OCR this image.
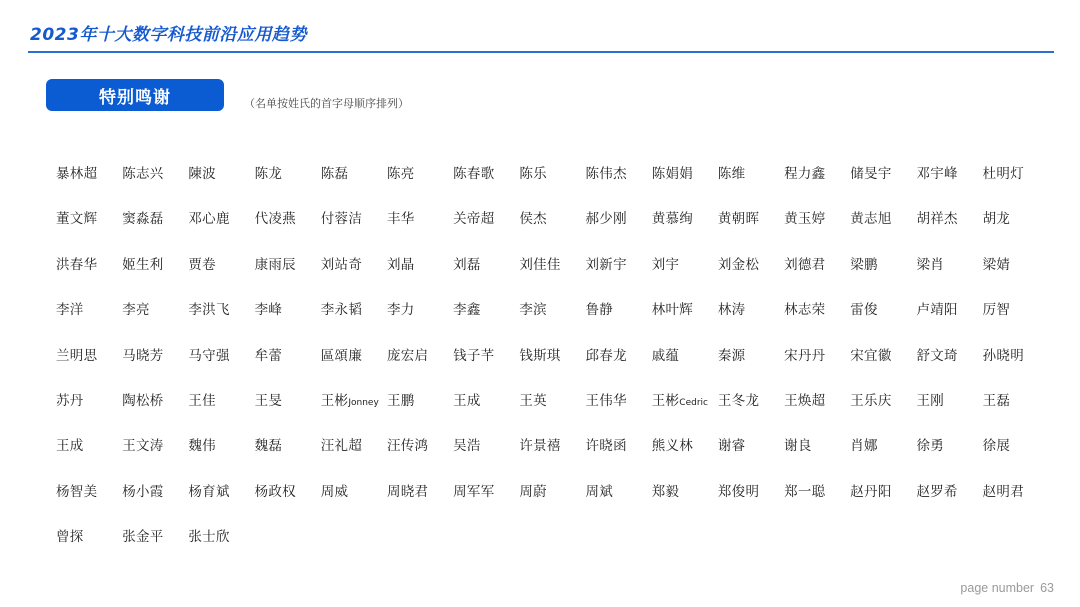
2023年十大数字科技前沿应用趋势
特别鸣谢	（名单按姓氏的首字母顺序排列）
暴林超	陈志兴	陳波	陈龙	陈磊	陈亮	陈春歌	陈乐	陈伟杰	陈娟娟	陈维	程力鑫	储旻宇	邓宇峰	杜明灯
董文辉	窦淼磊	邓心鹿	代凌燕	付蓉洁	丰华	关帝超	侯杰	郝少刚	黄慕绚	黄朝晖	黄玉婷	黄志旭	胡祥杰	胡龙
洪春华	姬生利	贾卷	康雨辰	刘站奇	刘晶	刘磊	刘佳佳	刘新宇	刘宇	刘金松	刘德君	梁鹏	梁肖	梁婧
李洋	李亮	李洪飞	李峰	李永韬	李力	李鑫	李滨	鲁静	林叶辉	林涛	林志荣	雷俊	卢靖阳	厉智
兰明思	马晓芳	马守强	牟蕾	區頌廉	庞宏启	钱子芊	钱斯琪	邱春龙	戚蕴	秦源	宋丹丹	宋宜徽	舒文琦	孙晓明
苏丹	陶松桥	王佳	王旻	王彬Jonney 王鹏	王成	王英	王伟华	王彬Cedric 王冬龙	王焕超	王乐庆	王刚	王磊
王成	王文涛	魏伟	魏磊	汪礼超	汪传鸿	吴浩	许景禧	许晓函	熊义林	谢睿	谢良	肖娜	徐勇	徐展
杨智美	杨小霞	杨育斌	杨政权	周威	周晓君	周军军	周蔚	周斌	郑毅	郑俊明	郑一聪	赵丹阳	赵罗希	赵明君
曾探	张金平	张士欣
page number 63
